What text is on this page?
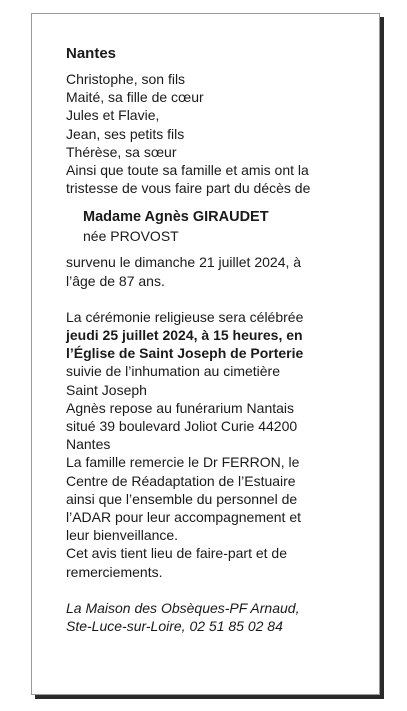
Nantes

Christophe, son fils

Maité, sa fille de cœur

Jules et Flavie,

Jean, ses petits fils

Thérèse, sa sœur

Ainsi que toute sa famille et amis ont la

tristesse de vous faire part du décès de

Madame Agnès GIRAUDET
née PROVOST

survenu le dimanche 21 juillet 2024, à

l’âge de 87 ans.

La cérémonie religieuse sera célébrée

jeudi 25 juillet 2024, à 15 heures, en

l’Église de Saint Joseph de Porterie

suivie de l’inhumation au cimetière

Saint Joseph

Agnès repose au funérarium Nantais

situé 39 boulevard Joliot Curie 44200

Nantes

La famille remercie le Dr FERRON, le

Centre de Réadaptation de l’Estuaire

ainsi que l’ensemble du personnel de

l’ADAR pour leur accompagnement et

leur bienveillance.

Cet avis tient lieu de faire-part et de

remerciements.

La Maison des Obsèques-PF Arnaud,

Ste-Luce-sur-Loire, 02 51 85 02 84
